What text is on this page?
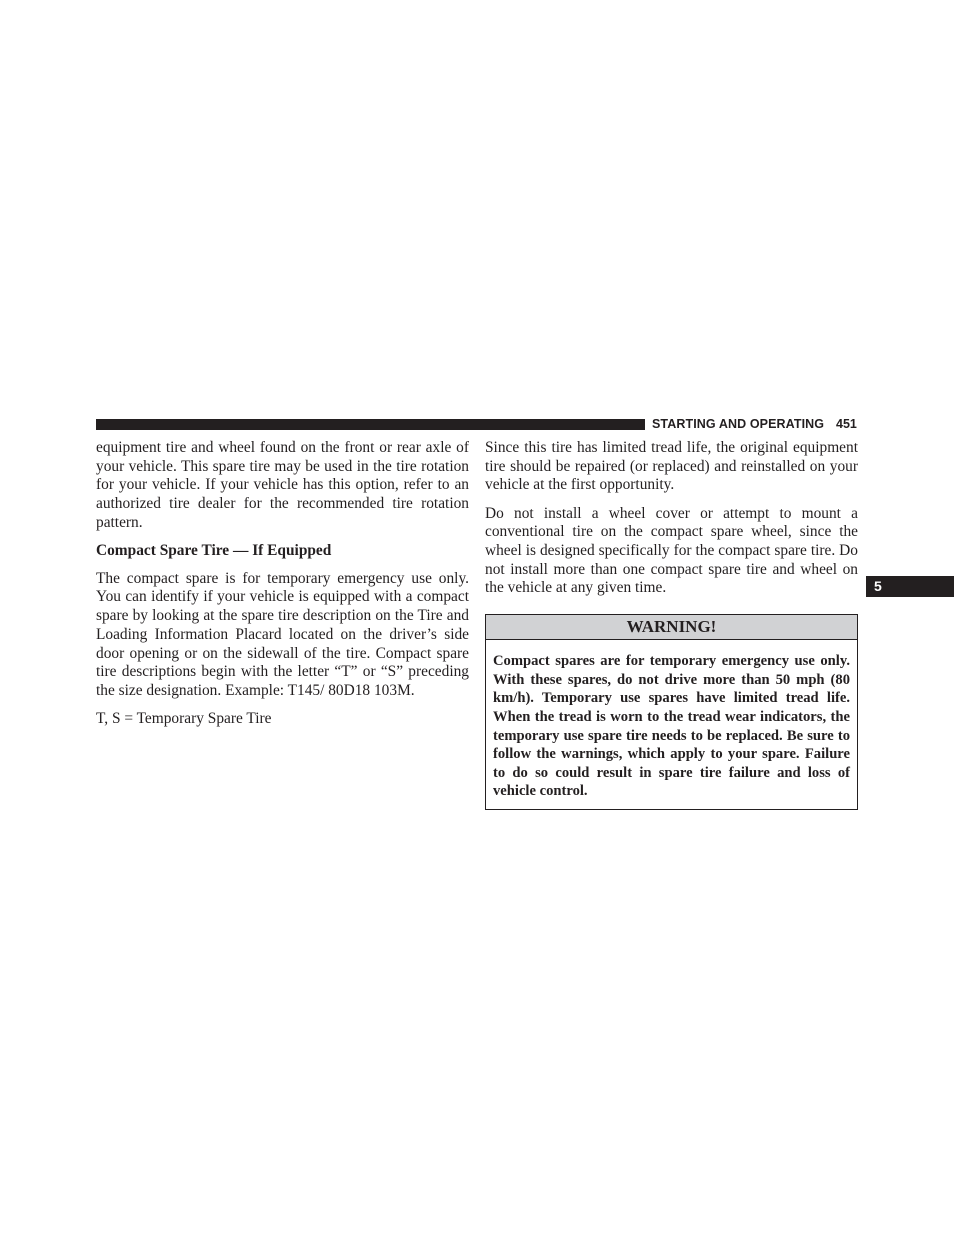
STARTING AND OPERATING 451

equipment tire and wheel found on the front or rear axle of your vehicle. This spare tire may be used in the tire rotation for your vehicle. If your vehicle has this option, refer to an authorized tire dealer for the recommended tire rotation pattern.

Compact Spare Tire — If Equipped

The compact spare is for temporary emergency use only. You can identify if your vehicle is equipped with a compact spare by looking at the spare tire description on the Tire and Loading Information Placard located on the driver’s side door opening or on the sidewall of the tire. Compact spare tire descriptions begin with the letter “T” or “S” preceding the size designation. Example: T145/ 80D18 103M.

T, S = Temporary Spare Tire

Since this tire has limited tread life, the original equipment tire should be repaired (or replaced) and reinstalled on your vehicle at the first opportunity.

Do not install a wheel cover or attempt to mount a conventional tire on the compact spare wheel, since the wheel is designed specifically for the compact spare tire. Do not install more than one compact spare tire and wheel on the vehicle at any given time.

WARNING!
Compact spares are for temporary emergency use only. With these spares, do not drive more than 50 mph (80 km/h). Temporary use spares have limited tread life. When the tread is worn to the tread wear indicators, the temporary use spare tire needs to be replaced. Be sure to follow the warnings, which apply to your spare. Failure to do so could result in spare tire failure and loss of vehicle control.
5
